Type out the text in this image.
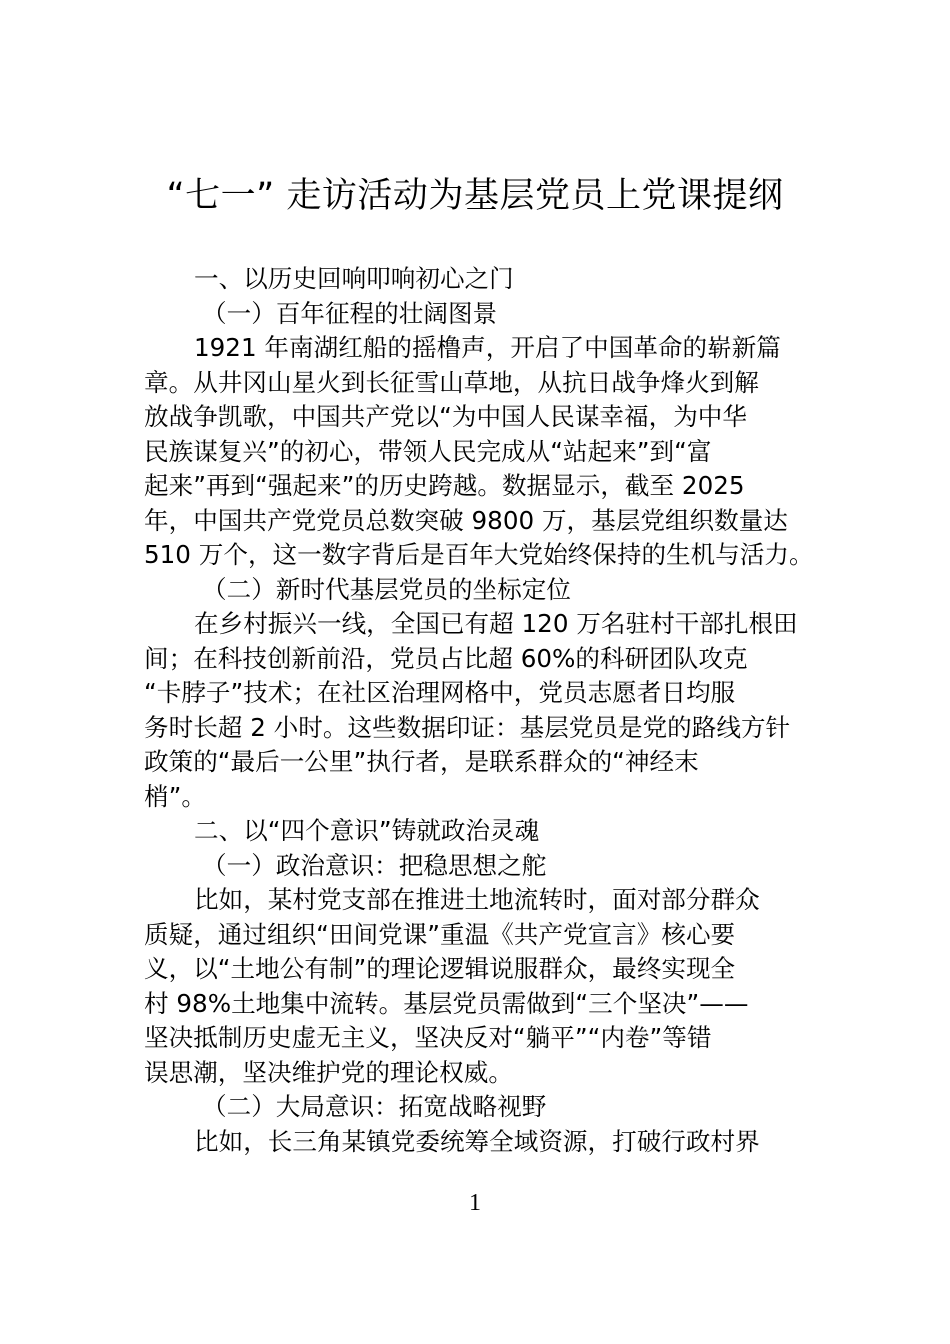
“七一” 走访活动为基层党员上党课提纲

一、以历史回响叩响初心之门

（一）百年征程的壮阔图景

1921 年南湖红船的摇橹声，开启了中国革命的崭新篇

章。从井冈山星火到长征雪山草地，从抗日战争烽火到解

放战争凯歌，中国共产党以“为中国人民谋幸福，为中华

民族谋复兴”的初心，带领人民完成从“站起来”到“富

起来”再到“强起来”的历史跨越。数据显示，截至 2025

年，中国共产党党员总数突破 9800 万，基层党组织数量达

510 万个，这一数字背后是百年大党始终保持的生机与活力。

（二）新时代基层党员的坐标定位

在乡村振兴一线，全国已有超 120 万名驻村干部扎根田

间；在科技创新前沿，党员占比超 60%的科研团队攻克

“卡脖子”技术；在社区治理网格中，党员志愿者日均服

务时长超 2 小时。这些数据印证：基层党员是党的路线方针

政策的“最后一公里”执行者，是联系群众的“神经末

梢”。

二、以“四个意识”铸就政治灵魂

（一）政治意识：把稳思想之舵

比如，某村党支部在推进土地流转时，面对部分群众

质疑，通过组织“田间党课”重温《共产党宣言》核心要

义，以“土地公有制”的理论逻辑说服群众，最终实现全

村 98%土地集中流转。基层党员需做到“三个坚决”——

坚决抵制历史虚无主义，坚决反对“躺平”“内卷”等错

误思潮，坚决维护党的理论权威。

（二）大局意识：拓宽战略视野

比如，长三角某镇党委统筹全域资源，打破行政村界

1
